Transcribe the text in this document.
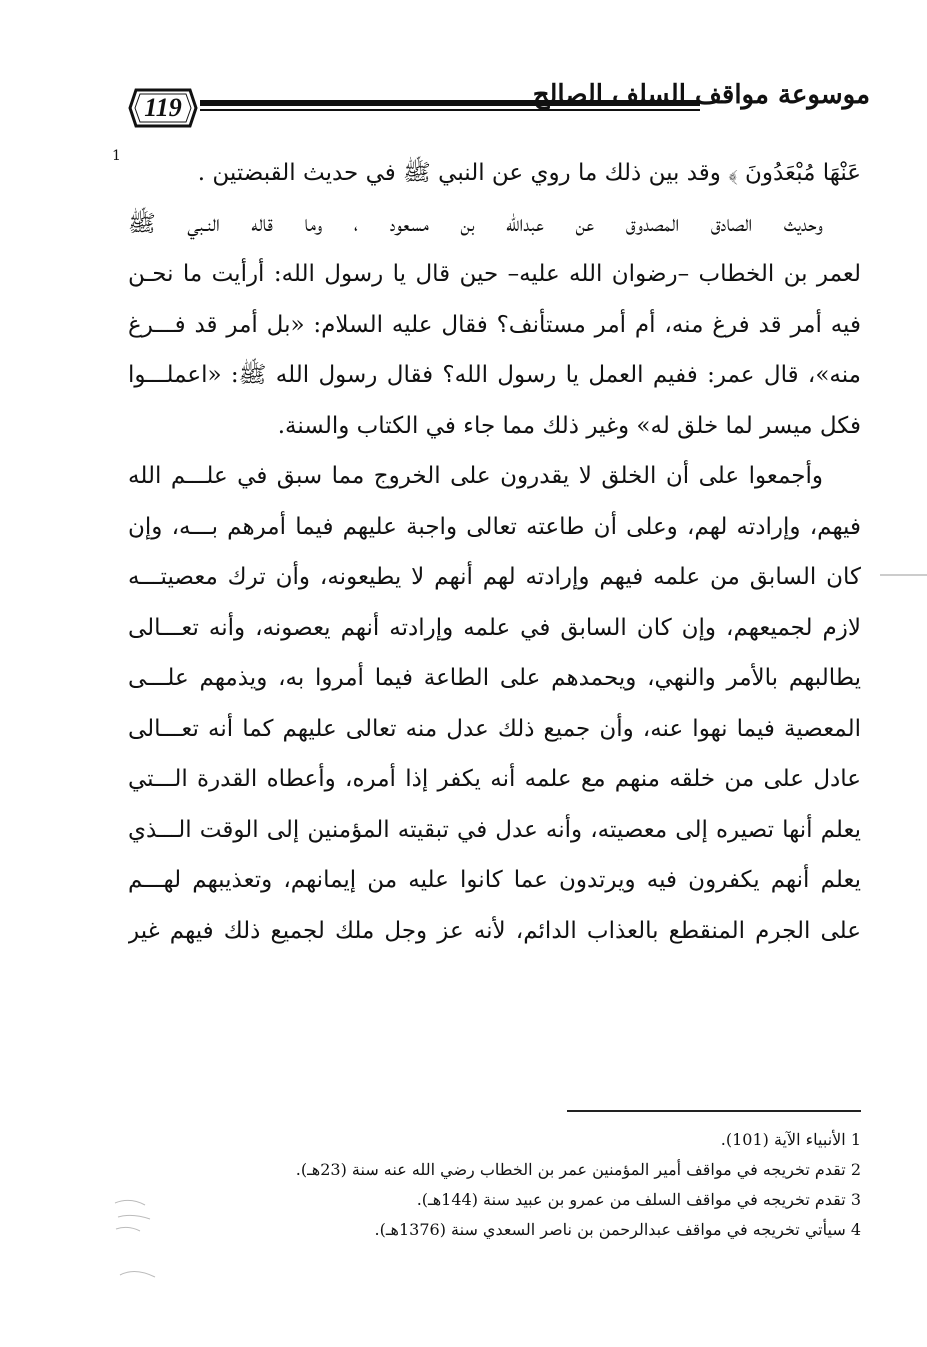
119	موسوعة مواقف السلف الصالح
عَنْهَا مُبْعَدُونَ ﴾ وقد بين ذلك ما روي عن النبي ﷺ في حديث القبضتين .
وحديث الصادق المصدوق عن عبدالله بن مسعود ، وما قاله النـبي ﷺ
لعمر بن الخطاب –رضوان الله عليه– حين قال يا رسول الله: أرأيت ما نحـن
فيه أمر قد فرغ منه، أم أمر مستأنف؟ فقال عليه السلام: «بل أمر قد فـــرغ
منه»، قال عمر: ففيم العمل يا رسول الله؟ فقال رسول الله ﷺ: «اعملـــوا
فكل ميسر لما خلق له» وغير ذلك مما جاء في الكتاب والسنة.
وأجمعوا على أن الخلق لا يقدرون على الخروج مما سبق في علـــم الله
فيهم، وإرادته لهم، وعلى أن طاعته تعالى واجبة عليهم فيما أمرهم بـــه، وإن
كان السابق من علمه فيهم وإرادته لهم أنهم لا يطيعونه، وأن ترك معصيتـــه
لازم لجميعهم، وإن كان السابق في علمه وإرادته أنهم يعصونه، وأنه تعـــالى
يطالبهم بالأمر والنهي، ويحمدهم على الطاعة فيما أمروا به، ويذمهم علـــى
المعصية فيما نهوا عنه، وأن جميع ذلك عدل منه تعالى عليهم كما أنه تعـــالى
عادل على من خلقه منهم مع علمه أنه يكفر إذا أمره، وأعطاه القدرة الـــتي
يعلم أنها تصيره إلى معصيته، وأنه عدل في تبقيته المؤمنين إلى الوقت الـــذي
يعلم أنهم يكفرون فيه ويرتدون عما كانوا عليه من إيمانهم، وتعذيبهم لهـــم
على الجرم المنقطع بالعذاب الدائم، لأنه عز وجل ملك لجميع ذلك فيهم غير
1
1 الأنبياء الآية (101).
2 تقدم تخريجه في مواقف أمير المؤمنين عمر بن الخطاب رضي الله عنه سنة (23هـ).
3 تقدم تخريجه في مواقف السلف من عمرو بن عبيد سنة (144هـ).
4 سيأتي تخريجه في مواقف عبدالرحمن بن ناصر السعدي سنة (1376هـ).
